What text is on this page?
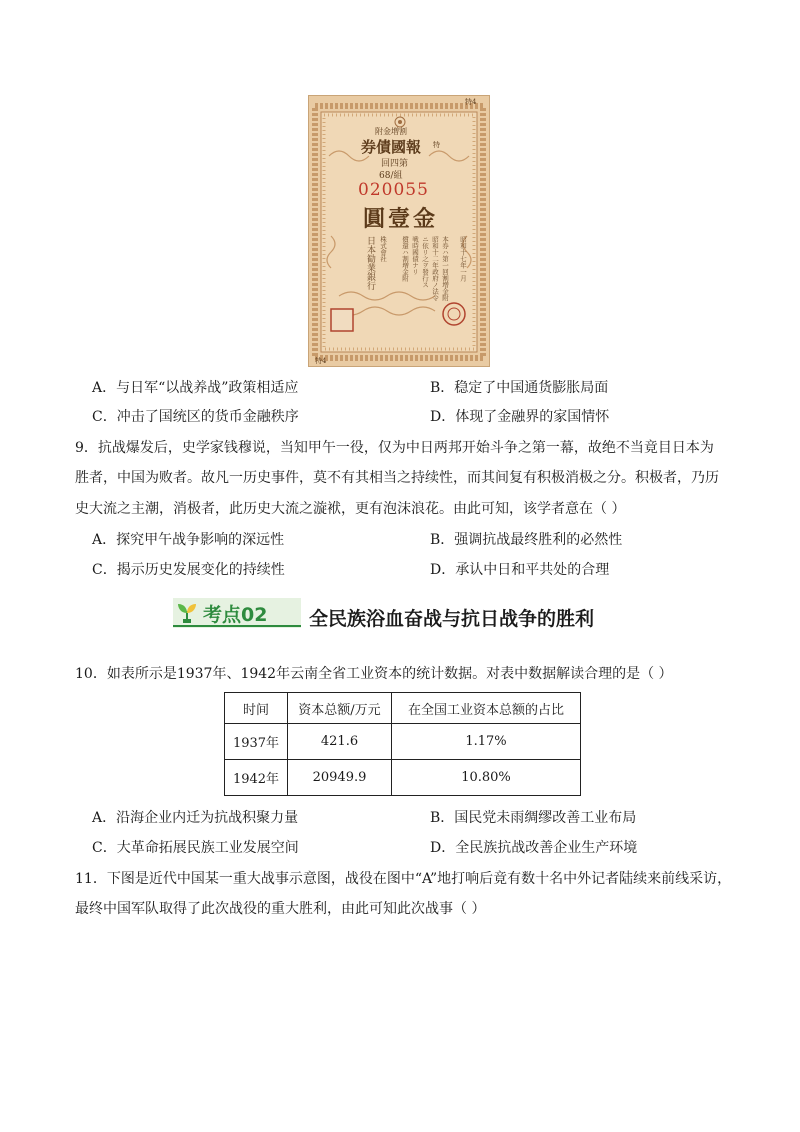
特4
特4
附金増割
券債國報 特
回四第
68/組
020055
圓壹金
昭和十七年一月
本券ハ第一回割増金附
昭和十二年政府ノ法令
ニ依リ之ヲ發行ス
戦時國債ナリ
償還ハ割増金附
株式會社
日本勧業銀行
A．与日军“以战养战”政策相适应	B．稳定了中国通货膨胀局面
C．冲击了国统区的货币金融秩序	D．体现了金融界的家国情怀
9．抗战爆发后，史学家钱穆说，当知甲午一役，仅为中日两邦开始斗争之第一幕，故绝不当竟目日本为
胜者，中国为败者。故凡一历史事件，莫不有其相当之持续性，而其间复有积极消极之分。积极者，乃历
史大流之主潮，消极者，此历史大流之漩袱，更有泡沫浪花。由此可知，该学者意在（ ）
A．探究甲午战争影响的深远性	B．强调抗战最终胜利的必然性
C．揭示历史发展变化的持续性	D．承认中日和平共处的合理
考点02 全民族浴血奋战与抗日战争的胜利
10．如表所示是1937年、1942年云南全省工业资本的统计数据。对表中数据解读合理的是（ ）
时间	资本总额/万元	在全国工业资本总额的占比
1937年	421.6	1.17%
1942年	20949.9	10.80%
A．沿海企业内迁为抗战积聚力量	B．国民党未雨绸缪改善工业布局
C．大革命拓展民族工业发展空间	D．全民族抗战改善企业生产环境
11．下图是近代中国某一重大战事示意图，战役在图中“A”地打响后竟有数十名中外记者陆续来前线采访，
最终中国军队取得了此次战役的重大胜利，由此可知此次战事（ ）
